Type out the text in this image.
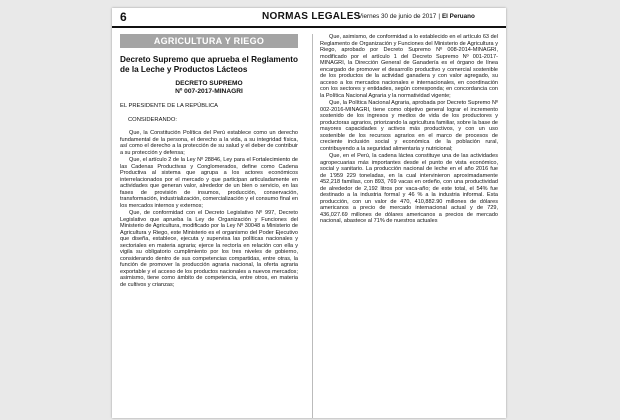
6	NORMAS LEGALES
Viernes 30 de junio de 2017 | El Peruano
AGRICULTURA Y RIEGO
Decreto Supremo que aprueba el Reglamento de la Leche y Productos Lácteos
DECRETO SUPREMO
Nº 007-2017-MINAGRI
EL PRESIDENTE DE LA REPÚBLICA
CONSIDERANDO:

Que, la Constitución Política del Perú establece como un derecho fundamental de la persona, el derecho a la vida, a su integridad física, así como el derecho a la protección de su salud y el deber de contribuir a su protección y defensa;

Que, el artículo 2 de la Ley Nº 28846, Ley para el Fortalecimiento de las Cadenas Productivas y Conglomerados, define como Cadena Productiva al sistema que agrupa a los actores económicos interrelacionados por el mercado y que participan articuladamente en actividades que generan valor, alrededor de un bien o servicio, en las fases de provisión de insumos, producción, conservación, transformación, industrialización, comercialización y el consumo final en los mercados internos y externos;

Que, de conformidad con el Decreto Legislativo Nº 997, Decreto Legislativo que aprueba la Ley de Organización y Funciones del Ministerio de Agricultura, modificado por la Ley Nº 30048 a Ministerio de Agricultura y Riego, este Ministerio es el organismo del Poder Ejecutivo que diseña, establece, ejecuta y supervisa las políticas nacionales y sectoriales en materia agraria; ejerce la rectoría en relación con ella y vigila su obligatorio cumplimiento por los tres niveles de gobierno, considerando dentro de sus competencias compartidas, entre otras, la función de promover la producción agraria nacional, la oferta agraria exportable y el acceso de los productos nacionales a nuevos mercados; asimismo, tiene como ámbito de competencia, entre otros, en materia de cultivos y crianzas;

Que, asimismo, de conformidad a lo establecido en el artículo 63 del Reglamento de Organización y Funciones del Ministerio de Agricultura y Riego, aprobado por Decreto Supremo Nº 008-2014-MINAGRI, modificado por el artículo 1 del Decreto Supremo Nº 001-2017-MINAGRI, la Dirección General de Ganadería es el órgano de línea encargado de promover el desarrollo productivo y comercial sostenible de los productos de la actividad ganadera y con valor agregado, su acceso a los mercados nacionales e internacionales, en coordinación con los sectores y entidades, según corresponda; en concordancia con la Política Nacional Agraria y la normatividad vigente;

Que, la Política Nacional Agraria, aprobada por Decreto Supremo Nº 002-2016-MINAGRI, tiene como objetivo general lograr el incremento sostenido de los ingresos y medios de vida de los productores y productoras agrarios, priorizando la agricultura familiar, sobre la base de mayores capacidades y activos más productivos, y con un uso sostenible de los recursos agrarios en el marco de procesos de creciente inclusión social y económica de la población rural, contribuyendo a la seguridad alimentaria y nutricional;

Que, en el Perú, la cadena láctea constituye una de las actividades agropecuarias más importantes desde el punto de vista económico, social y sanitario. La producción nacional de leche en el año 2016 fue de 1'959 229 toneladas, en la cual intervinieron aproximadamente 452,218 familias, con 893, 769 vacas en ordeño, con una productividad de alrededor de 2,192 litros por vaca-año; de este total, el 54% fue destinado a la industria formal y 46 % a la industria informal. Esta producción, con un valor de 470, 410,882.90 millones de dólares americanos a precio de mercado internacional actual y de 729, 436,027.69 millones de dólares americanos a precios de mercado nacional, abastece al 71% de nuestros actuales
